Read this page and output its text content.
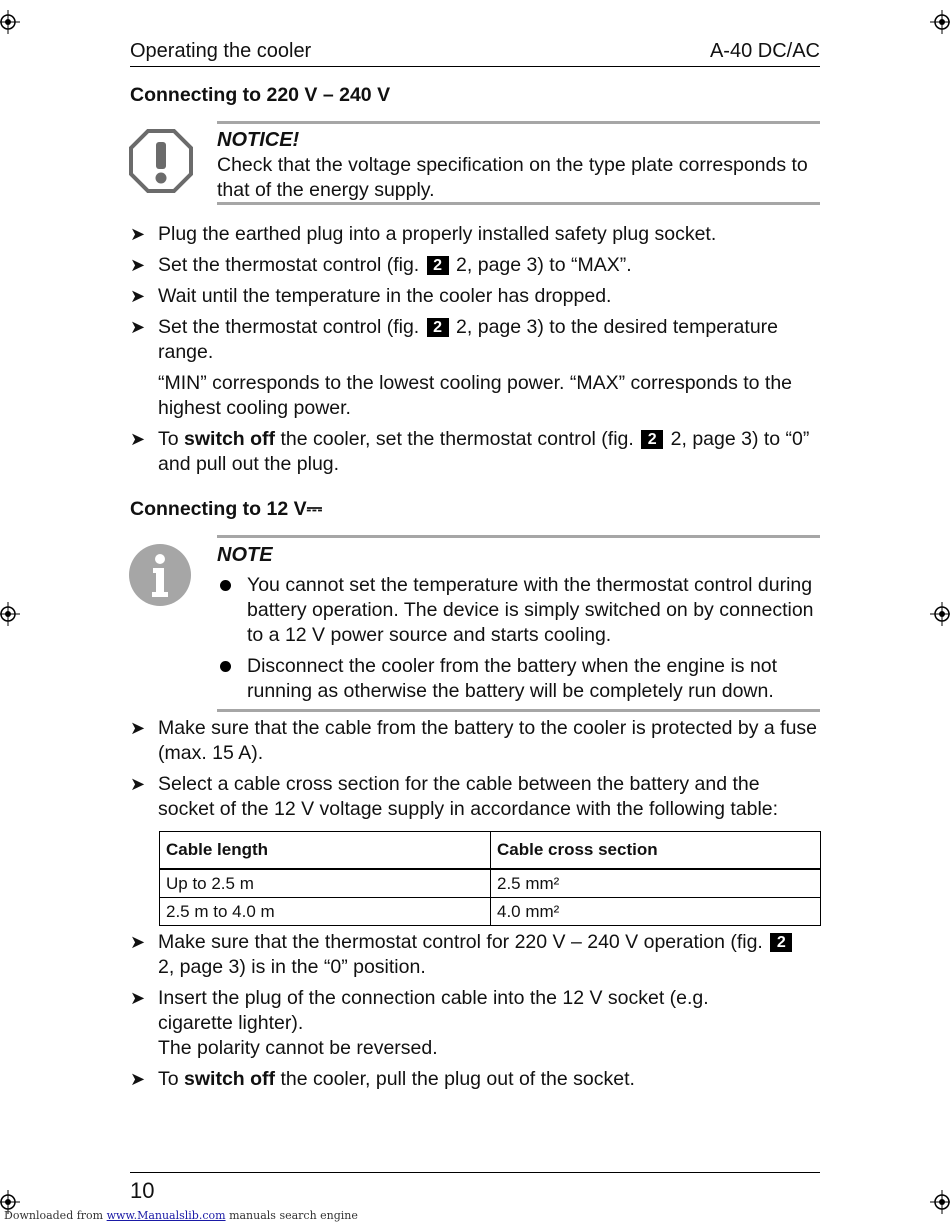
Operating the cooler	A-40 DC/AC
Connecting to 220 V – 240 V
NOTICE!
Check that the voltage specification on the type plate corresponds to that of the energy supply.
➤ Plug the earthed plug into a properly installed safety plug socket.
➤ Set the thermostat control (fig. 2 2, page 3) to “MAX”.
➤ Wait until the temperature in the cooler has dropped.
➤ Set the thermostat control (fig. 2 2, page 3) to the desired temperature range.
“MIN” corresponds to the lowest cooling power. “MAX” corresponds to the highest cooling power.
➤ To switch off the cooler, set the thermostat control (fig. 2 2, page 3) to “0” and pull out the plug.
Connecting to 12 V⎓
NOTE
You cannot set the temperature with the thermostat control during battery operation. The device is simply switched on by connection to a 12 V power source and starts cooling.
Disconnect the cooler from the battery when the engine is not running as otherwise the battery will be completely run down.
➤ Make sure that the cable from the battery to the cooler is protected by a fuse (max. 15 A).
➤ Select a cable cross section for the cable between the battery and the socket of the 12 V voltage supply in accordance with the following table:
Cable length	Cable cross section
Up to 2.5 m	2.5 mm²
2.5 m to 4.0 m	4.0 mm²
➤ Make sure that the thermostat control for 220 V – 240 V operation (fig. 2 2, page 3) is in the “0” position.
➤ Insert the plug of the connection cable into the 12 V socket (e.g. cigarette lighter).
The polarity cannot be reversed.
➤ To switch off the cooler, pull the plug out of the socket.
10
Downloaded from www.Manualslib.com manuals search engine
